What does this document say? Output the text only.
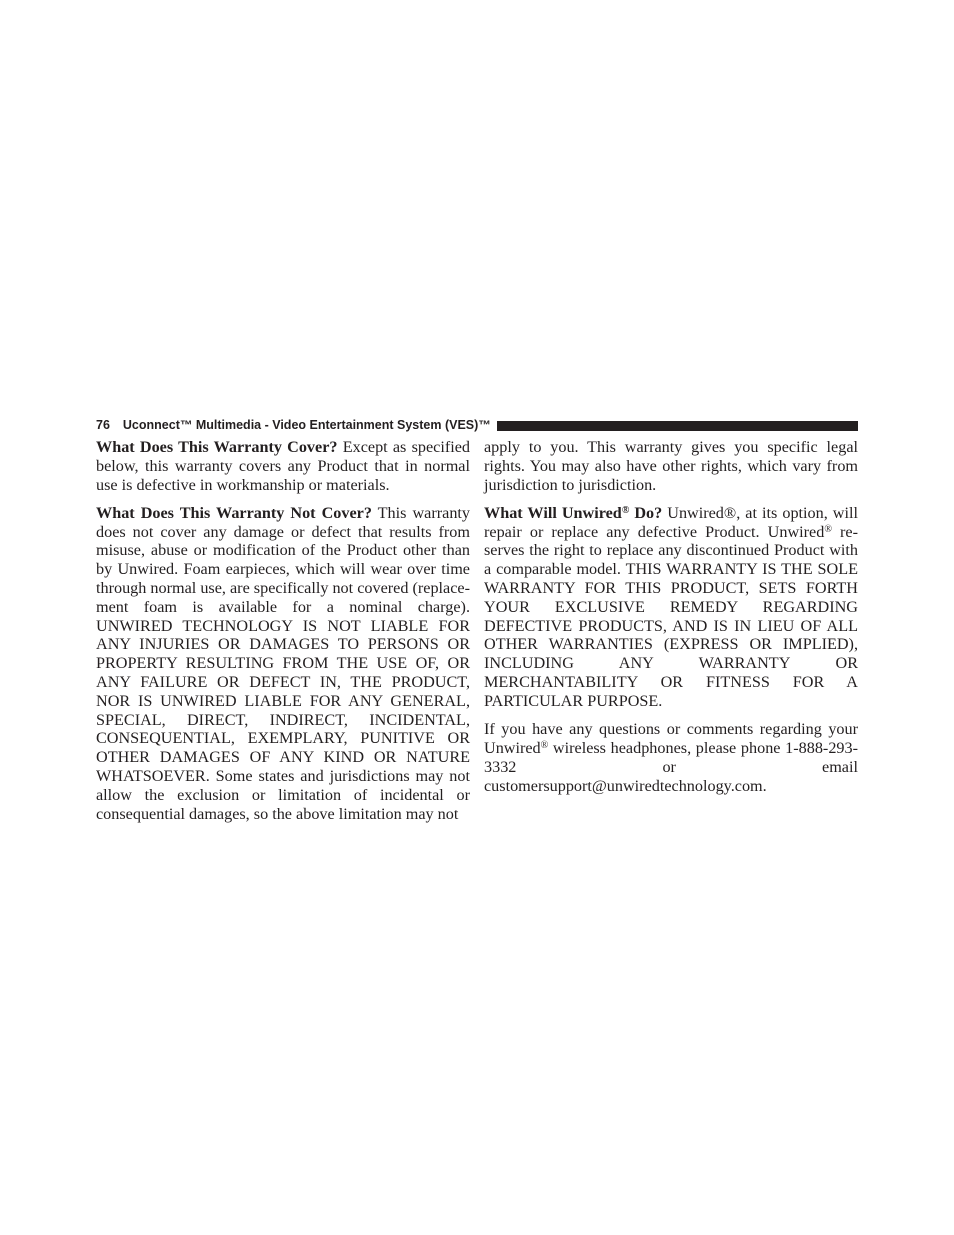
76 Uconnect™ Multimedia - Video Entertainment System (VES)™

What Does This Warranty Cover? Except as specified below, this warranty covers any Product that in normal use is defective in workmanship or materials.

What Does This Warranty Not Cover? This warranty does not cover any damage or defect that results from misuse, abuse or modification of the Product other than by Unwired. Foam earpieces, which will wear over time through normal use, are specifically not covered (replacement foam is available for a nominal charge). UNWIRED TECHNOLOGY IS NOT LIABLE FOR ANY INJURIES OR DAMAGES TO PERSONS OR PROPERTY RESULTING FROM THE USE OF, OR ANY FAILURE OR DEFECT IN, THE PRODUCT, NOR IS UNWIRED LIABLE FOR ANY GENERAL, SPECIAL, DIRECT, INDIRECT, INCIDENTAL, CONSEQUENTIAL, EXEMPLARY, PUNITIVE OR OTHER DAMAGES OF ANY KIND OR NATURE WHATSOEVER. Some states and jurisdictions may not allow the exclusion or limitation of incidental or consequential damages, so the above limitation may not

apply to you. This warranty gives you specific legal rights. You may also have other rights, which vary from jurisdiction to jurisdiction.

What Will Unwired® Do? Unwired®, at its option, will repair or replace any defective Product. Unwired® reserves the right to replace any discontinued Product with a comparable model. THIS WARRANTY IS THE SOLE WARRANTY FOR THIS PRODUCT, SETS FORTH YOUR EXCLUSIVE REMEDY REGARDING DEFECTIVE PRODUCTS, AND IS IN LIEU OF ALL OTHER WARRANTIES (EXPRESS OR IMPLIED), INCLUDING ANY WARRANTY OR MERCHANTABILITY OR FITNESS FOR A PARTICULAR PURPOSE.

If you have any questions or comments regarding your Unwired® wireless headphones, please phone 1-888-293-3332 or email customersupport@unwiredtechnology.com.
